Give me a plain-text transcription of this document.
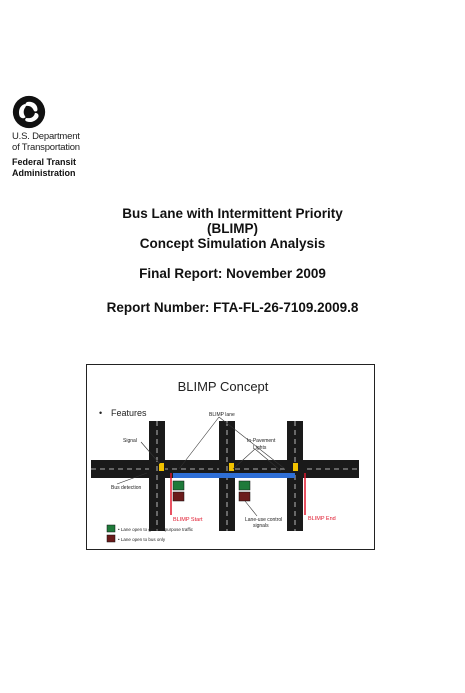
U.S. Department
of Transportation
Federal Transit
Administration
Bus Lane with Intermittent Priority
(BLIMP)
Concept Simulation Analysis
Final Report: November 2009
Report Number: FTA-FL-26-7109.2009.8
BLIMP Concept
• Features
Signal
BLIMP lane
In-Pavement
Lights
Bus detection
BLIMP Start	BLIMP End
Lane-use control
signals
• Lane open to general purpose traffic
• Lane open to bus only
